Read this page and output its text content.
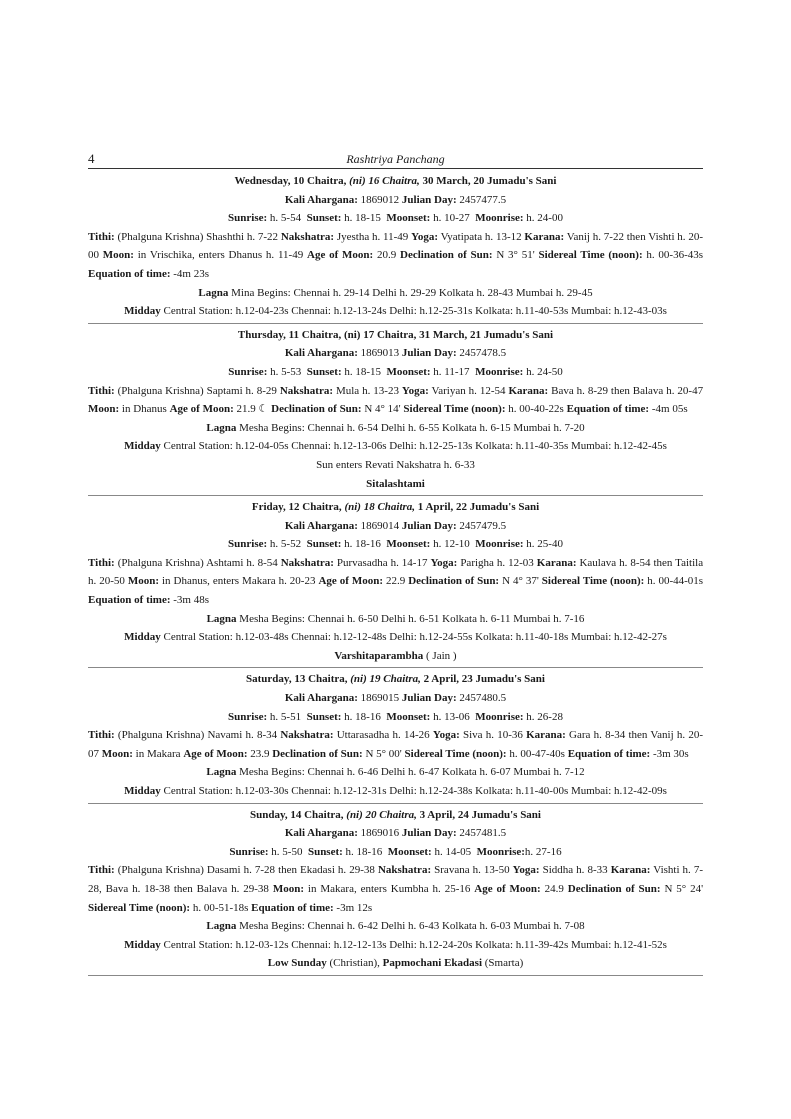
4	Rashtriya Panchang
Wednesday, 10 Chaitra, (ni) 16 Chaitra, 30 March, 20 Jumadu's Sani
Kali Ahargana: 1869012 Julian Day: 2457477.5
Sunrise: h. 5-54 Sunset: h. 18-15 Moonset: h. 10-27 Moonrise: h. 24-00
Tithi: (Phalguna Krishna) Shashthi h. 7-22 Nakshatra: Jyestha h. 11-49 Yoga: Vyatipata h. 13-12 Karana: Vanij h. 7-22 then Vishti h. 20-00 Moon: in Vrischika, enters Dhanus h. 11-49 Age of Moon: 20.9 Declination of Sun: N 3° 51' Sidereal Time (noon): h. 00-36-43s Equation of time: -4m 23s
Lagna Mina Begins: Chennai h. 29-14 Delhi h. 29-29 Kolkata h. 28-43 Mumbai h. 29-45
Midday Central Station: h.12-04-23s Chennai: h.12-13-24s Delhi: h.12-25-31s Kolkata: h.11-40-53s Mumbai: h.12-43-03s
Thursday, 11 Chaitra, (ni) 17 Chaitra, 31 March, 21 Jumadu's Sani
Kali Ahargana: 1869013 Julian Day: 2457478.5
Sunrise: h. 5-53 Sunset: h. 18-15 Moonset: h. 11-17 Moonrise: h. 24-50
Tithi: (Phalguna Krishna) Saptami h. 8-29 Nakshatra: Mula h. 13-23 Yoga: Variyan h. 12-54 Karana: Bava h. 8-29 then Balava h. 20-47 Moon: in Dhanus Age of Moon: 21.9 ☾ Declination of Sun: N 4° 14' Sidereal Time (noon): h. 00-40-22s Equation of time: -4m 05s
Lagna Mesha Begins: Chennai h. 6-54 Delhi h. 6-55 Kolkata h. 6-15 Mumbai h. 7-20
Midday Central Station: h.12-04-05s Chennai: h.12-13-06s Delhi: h.12-25-13s Kolkata: h.11-40-35s Mumbai: h.12-42-45s
Sun enters Revati Nakshatra h. 6-33
Sitalashtami
Friday, 12 Chaitra, (ni) 18 Chaitra, 1 April, 22 Jumadu's Sani
Kali Ahargana: 1869014 Julian Day: 2457479.5
Sunrise: h. 5-52 Sunset: h. 18-16 Moonset: h. 12-10 Moonrise: h. 25-40
Tithi: (Phalguna Krishna) Ashtami h. 8-54 Nakshatra: Purvasadha h. 14-17 Yoga: Parigha h. 12-03 Karana: Kaulava h. 8-54 then Taitila h. 20-50 Moon: in Dhanus, enters Makara h. 20-23 Age of Moon: 22.9 Declination of Sun: N 4° 37' Sidereal Time (noon): h. 00-44-01s Equation of time: -3m 48s
Lagna Mesha Begins: Chennai h. 6-50 Delhi h. 6-51 Kolkata h. 6-11 Mumbai h. 7-16
Midday Central Station: h.12-03-48s Chennai: h.12-12-48s Delhi: h.12-24-55s Kolkata: h.11-40-18s Mumbai: h.12-42-27s
Varshitaparambha ( Jain )
Saturday, 13 Chaitra, (ni) 19 Chaitra, 2 April, 23 Jumadu's Sani
Kali Ahargana: 1869015 Julian Day: 2457480.5
Sunrise: h. 5-51 Sunset: h. 18-16 Moonset: h. 13-06 Moonrise: h. 26-28
Tithi: (Phalguna Krishna) Navami h. 8-34 Nakshatra: Uttarasadha h. 14-26 Yoga: Siva h. 10-36 Karana: Gara h. 8-34 then Vanij h. 20-07 Moon: in Makara Age of Moon: 23.9 Declination of Sun: N 5° 00' Sidereal Time (noon): h. 00-47-40s Equation of time: -3m 30s
Lagna Mesha Begins: Chennai h. 6-46 Delhi h. 6-47 Kolkata h. 6-07 Mumbai h. 7-12
Midday Central Station: h.12-03-30s Chennai: h.12-12-31s Delhi: h.12-24-38s Kolkata: h.11-40-00s Mumbai: h.12-42-09s
Sunday, 14 Chaitra, (ni) 20 Chaitra, 3 April, 24 Jumadu's Sani
Kali Ahargana: 1869016 Julian Day: 2457481.5
Sunrise: h. 5-50 Sunset: h. 18-16 Moonset: h. 14-05 Moonrise:h. 27-16
Tithi: (Phalguna Krishna) Dasami h. 7-28 then Ekadasi h. 29-38 Nakshatra: Sravana h. 13-50 Yoga: Siddha h. 8-33 Karana: Vishti h. 7-28, Bava h. 18-38 then Balava h. 29-38 Moon: in Makara, enters Kumbha h. 25-16 Age of Moon: 24.9 Declination of Sun: N 5° 24' Sidereal Time (noon): h. 00-51-18s Equation of time: -3m 12s
Lagna Mesha Begins: Chennai h. 6-42 Delhi h. 6-43 Kolkata h. 6-03 Mumbai h. 7-08
Midday Central Station: h.12-03-12s Chennai: h.12-12-13s Delhi: h.12-24-20s Kolkata: h.11-39-42s Mumbai: h.12-41-52s
Low Sunday (Christian), Papmochani Ekadasi (Smarta)
